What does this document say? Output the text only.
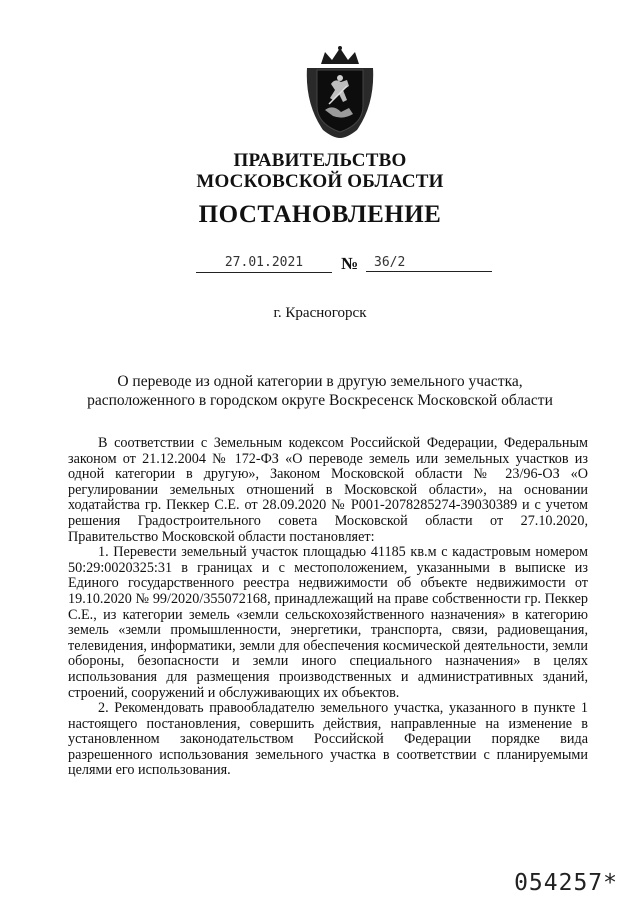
ПРАВИТЕЛЬСТВО
МОСКОВСКОЙ ОБЛАСТИ
ПОСТАНОВЛЕНИЕ
27.01.2021	№	36/2
г. Красногорск
О переводе из одной категории в другую земельного участка,
расположенного в городском округе Воскресенск Московской области

В соответствии с Земельным кодексом Российской Федерации, Федеральным законом от 21.12.2004 № 172-ФЗ «О переводе земель или земельных участков из одной категории в другую», Законом Московской области № 23/96-ОЗ «О регулировании земельных отношений в Московской области», на основании ходатайства гр. Пеккер С.Е. от 28.09.2020 № Р001-2078285274-39030389 и с учетом решения Градостроительного совета Московской области от 27.10.2020, Правительство Московской области постановляет:

1. Перевести земельный участок площадью 41185 кв.м с кадастровым номером 50:29:0020325:31 в границах и с местоположением, указанными в выписке из Единого государственного реестра недвижимости об объекте недвижимости от 19.10.2020 № 99/2020/355072168, принадлежащий на праве собственности гр. Пеккер С.Е., из категории земель «земли сельскохозяйственного назначения» в категорию земель «земли промышленности, энергетики, транспорта, связи, радиовещания, телевидения, информатики, земли для обеспечения космической деятельности, земли обороны, безопасности и земли иного специального назначения» в целях использования для размещения производственных и административных зданий, строений, сооружений и обслуживающих их объектов.

2. Рекомендовать правообладателю земельного участка, указанного в пункте 1 настоящего постановления, совершить действия, направленные на изменение в установленном законодательством Российской Федерации порядке вида разрешенного использования земельного участка в соответствии с планируемыми целями его использования.

054257*
